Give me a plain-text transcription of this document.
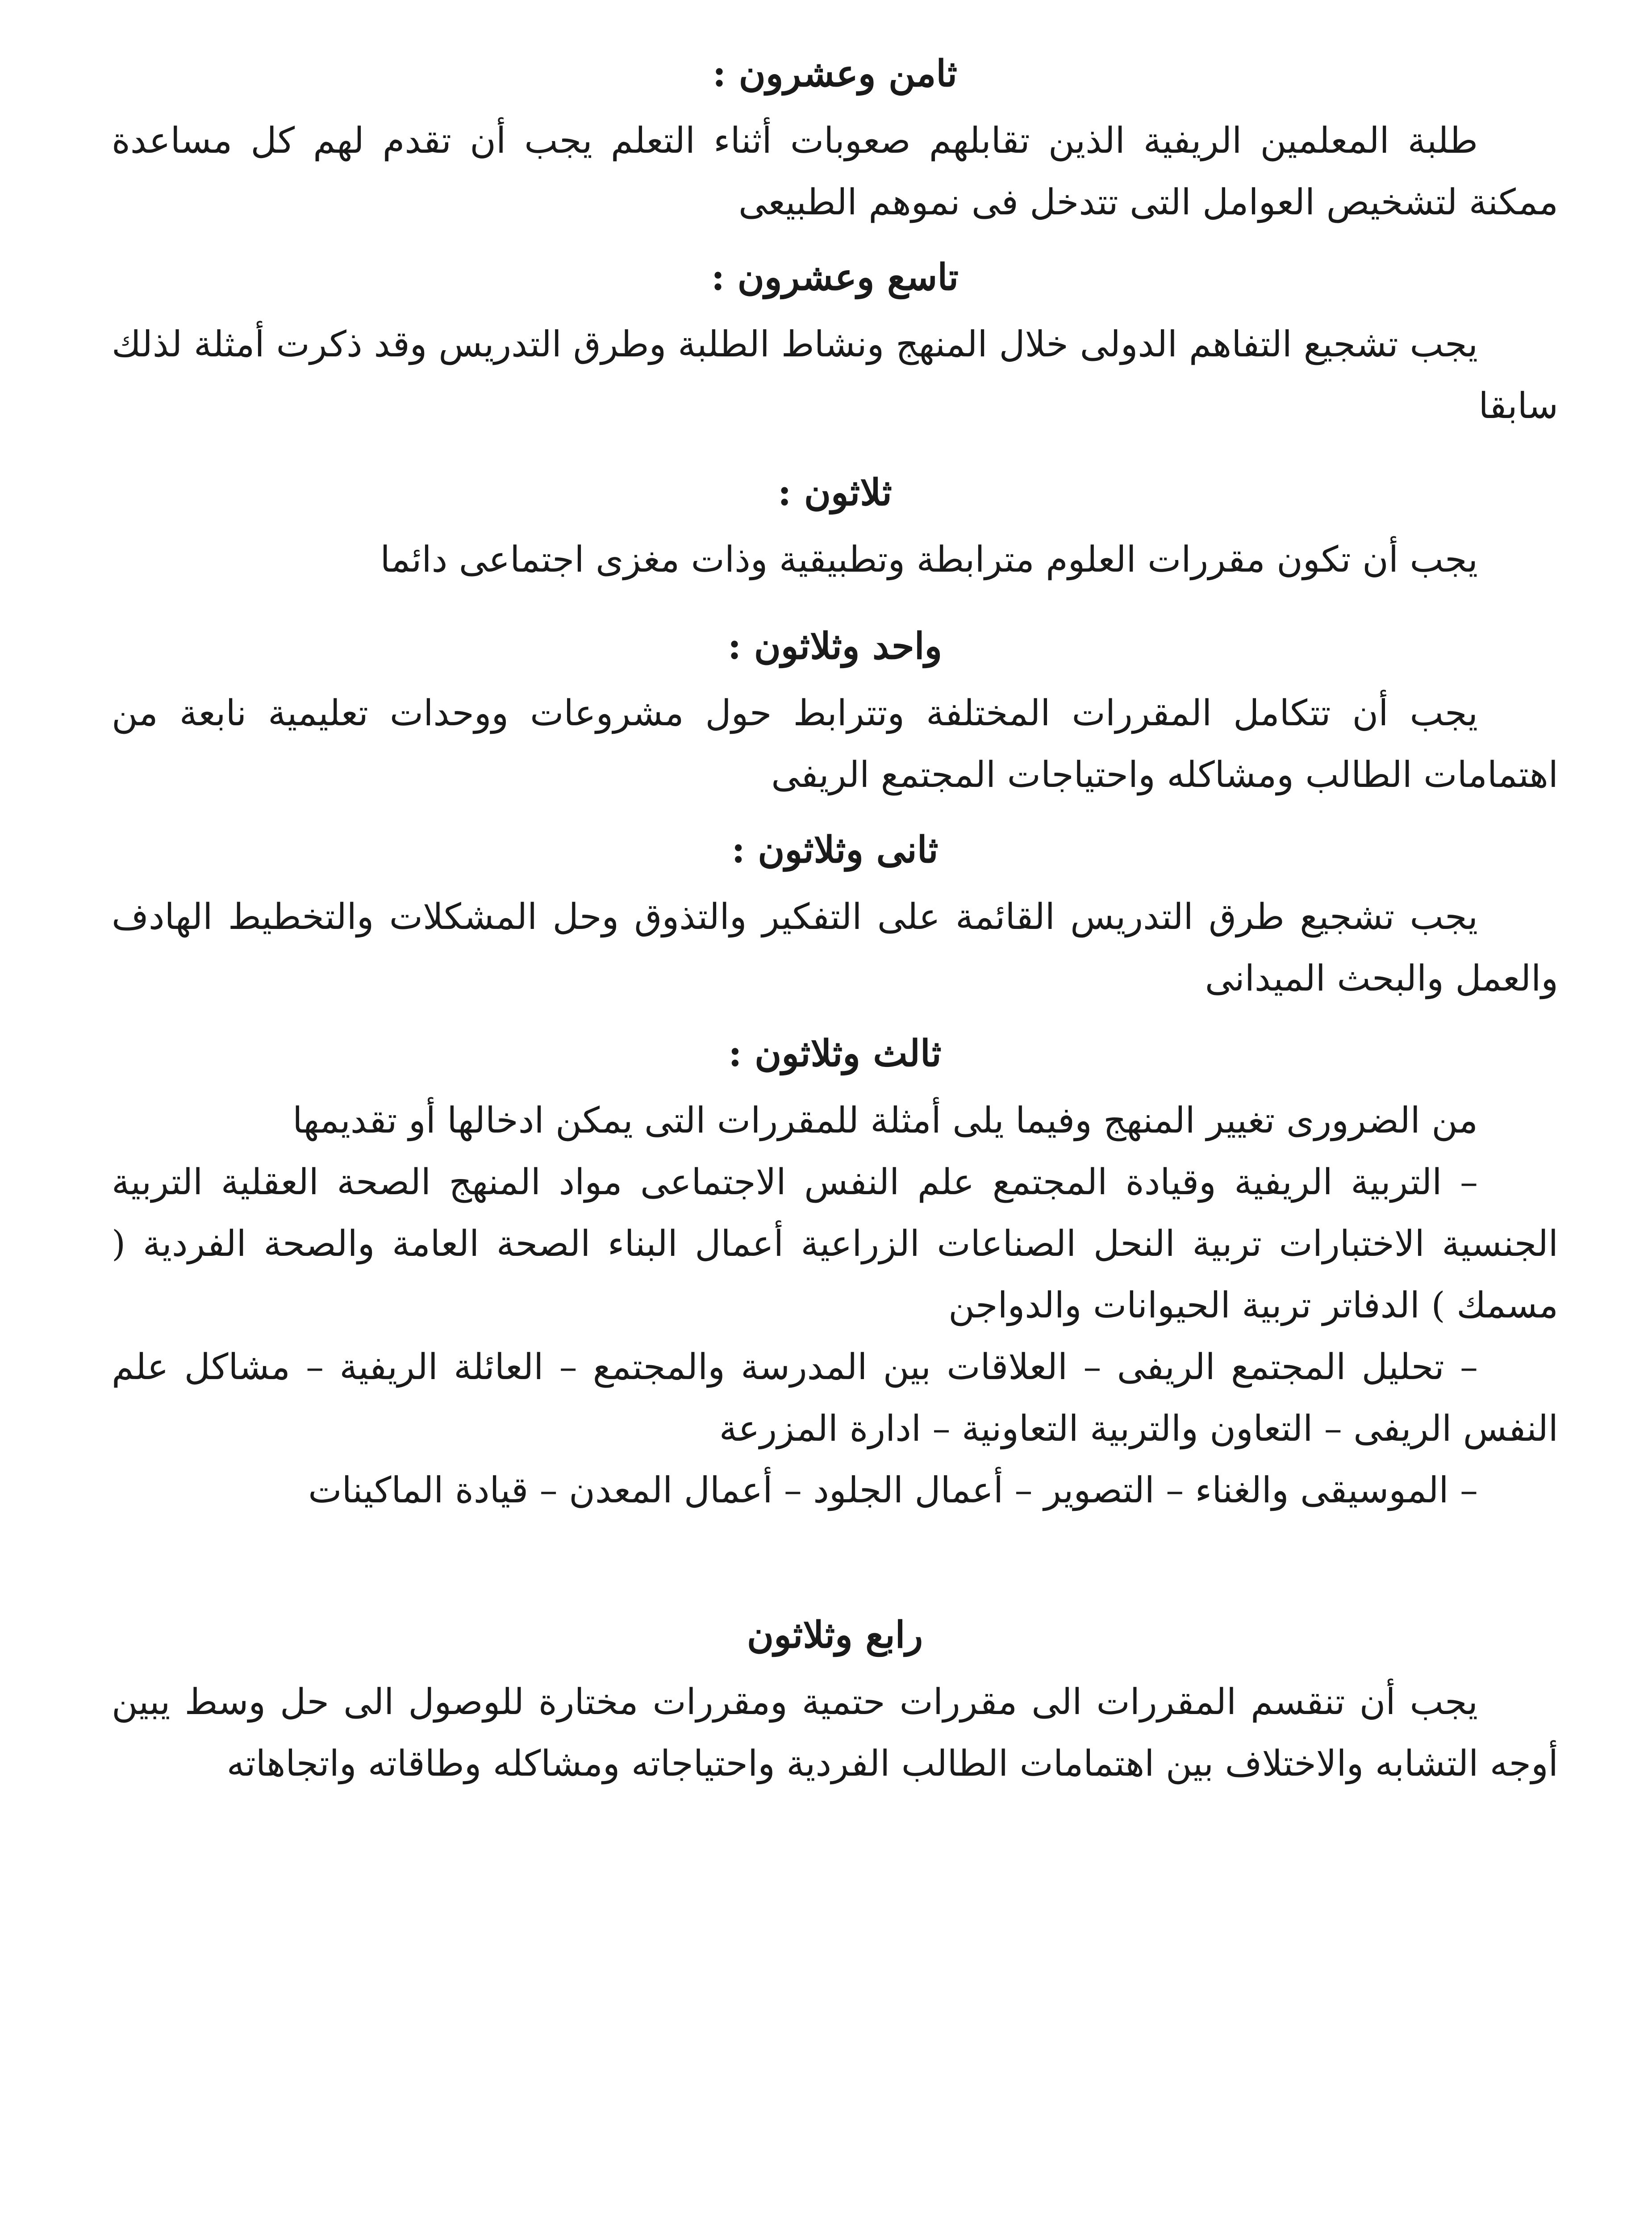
ثامن وعشرون :

طلبة المعلمين الريفية الذين تقابلهم صعوبات أثناء التعلم يجب أن تقدم لهم كل مساعدة ممكنة لتشخيص العوامل التى تتدخل فى نموهم الطبيعى

تاسع وعشرون :

يجب تشجيع التفاهم الدولى خلال المنهج ونشاط الطلبة وطرق التدريس وقد ذكرت أمثلة لذلك سابقا

ثلاثون :

يجب أن تكون مقررات العلوم مترابطة وتطبيقية وذات مغزى اجتماعى دائما

واحد وثلاثون :

يجب أن تتكامل المقررات المختلفة وتترابط حول مشروعات ووحدات تعليمية نابعة من اهتمامات الطالب ومشاكله واحتياجات المجتمع الريفى

ثانى وثلاثون :

يجب تشجيع طرق التدريس القائمة على التفكير والتذوق وحل المشكلات والتخطيط الهادف والعمل والبحث الميدانى

ثالث وثلاثون :

من الضرورى تغيير المنهج وفيما يلى أمثلة للمقررات التى يمكن ادخالها أو تقديمها

– التربية الريفية وقيادة المجتمع علم النفس الاجتماعى مواد المنهج الصحة العقلية التربية الجنسية الاختبارات تربية النحل الصناعات الزراعية أعمال البناء الصحة العامة والصحة الفردية ( مسمك ) الدفاتر تربية الحيوانات والدواجن

– تحليل المجتمع الريفى – العلاقات بين المدرسة والمجتمع – العائلة الريفية – مشاكل علم النفس الريفى – التعاون والتربية التعاونية – ادارة المزرعة

– الموسيقى والغناء – التصوير – أعمال الجلود – أعمال المعدن – قيادة الماكينات

رابع وثلاثون

يجب أن تنقسم المقررات الى مقررات حتمية ومقررات مختارة للوصول الى حل وسط يبين أوجه التشابه والاختلاف بين اهتمامات الطالب الفردية واحتياجاته ومشاكله وطاقاته واتجاهاته
